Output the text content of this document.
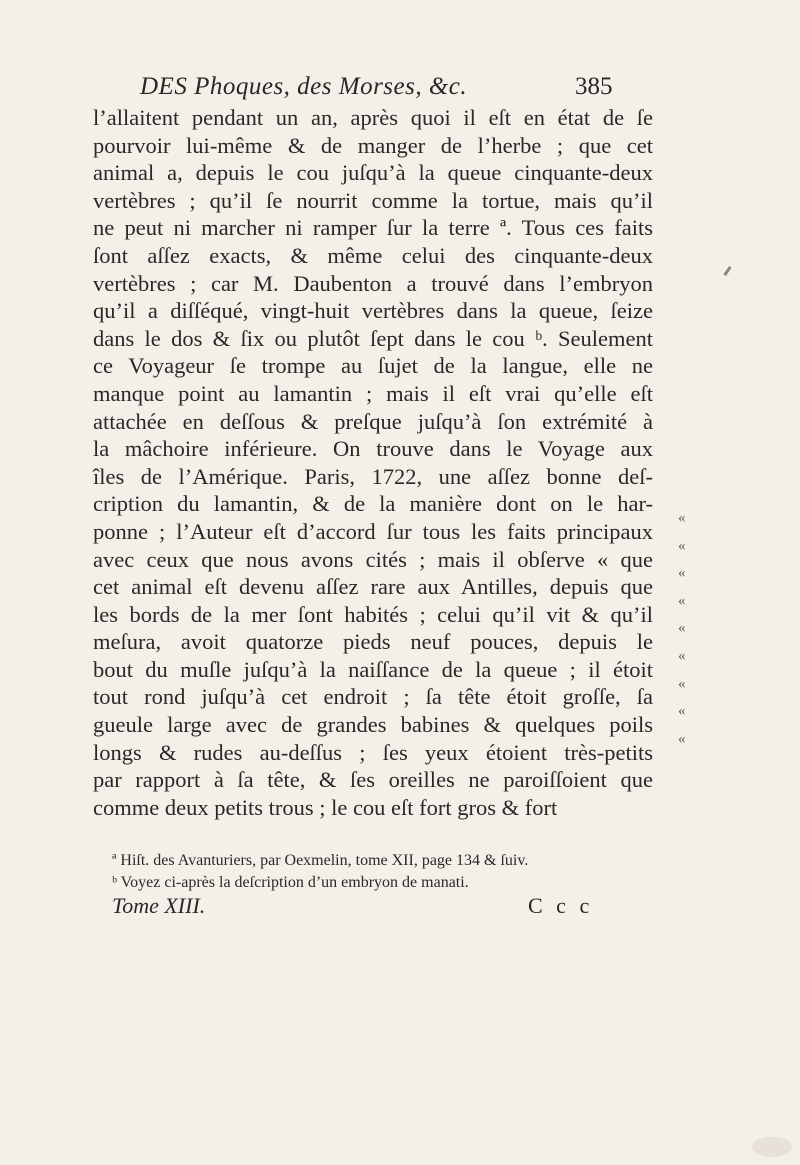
DES Phoques, des Morses, &c.	385
l’allaitent pendant un an, après quoi il eſt en état de ſe
pourvoir lui-même & de manger de l’herbe ; que cet
animal a, depuis le cou juſqu’à la queue cinquante-deux
vertèbres ; qu’il ſe nourrit comme la tortue, mais qu’il
ne peut ni marcher ni ramper ſur la terre ª. Tous ces faits
ſont aſſez exacts, & même celui des cinquante-deux
vertèbres ; car M. Daubenton a trouvé dans l’embryon
qu’il a diſſéqué, vingt-huit vertèbres dans la queue, ſeize
dans le dos & ſix ou plutôt ſept dans le cou ᵇ. Seulement
ce Voyageur ſe trompe au ſujet de la langue, elle ne
manque point au lamantin ; mais il eſt vrai qu’elle eſt
attachée en deſſous & preſque juſqu’à ſon extrémité à
la mâchoire inférieure. On trouve dans le Voyage aux
îles de l’Amérique. Paris, 1722, une aſſez bonne deſ-
cription du lamantin, & de la manière dont on le har-
ponne ; l’Auteur eſt d’accord ſur tous les faits principaux
avec ceux que nous avons cités ; mais il obſerve « que
cet animal eſt devenu aſſez rare aux Antilles, depuis que
les bords de la mer ſont habités ; celui qu’il vit & qu’il
meſura, avoit quatorze pieds neuf pouces, depuis le
bout du muſle juſqu’à la naiſſance de la queue ; il étoit
tout rond juſqu’à cet endroit ; ſa tête étoit groſſe, ſa
gueule large avec de grandes babines & quelques poils
longs & rudes au-deſſus ; ſes yeux étoient très-petits
par rapport à ſa tête, & ſes oreilles ne paroiſſoient que
comme deux petits trous ; le cou eſt fort gros & fort
«
«
«
«
«
«
«
«
«
ª Hiſt. des Avanturiers, par Oexmelin, tome XII, page 134 & ſuiv.
ᵇ Voyez ci-après la deſcription d’un embryon de manati.
Tome XIII.	C c c
